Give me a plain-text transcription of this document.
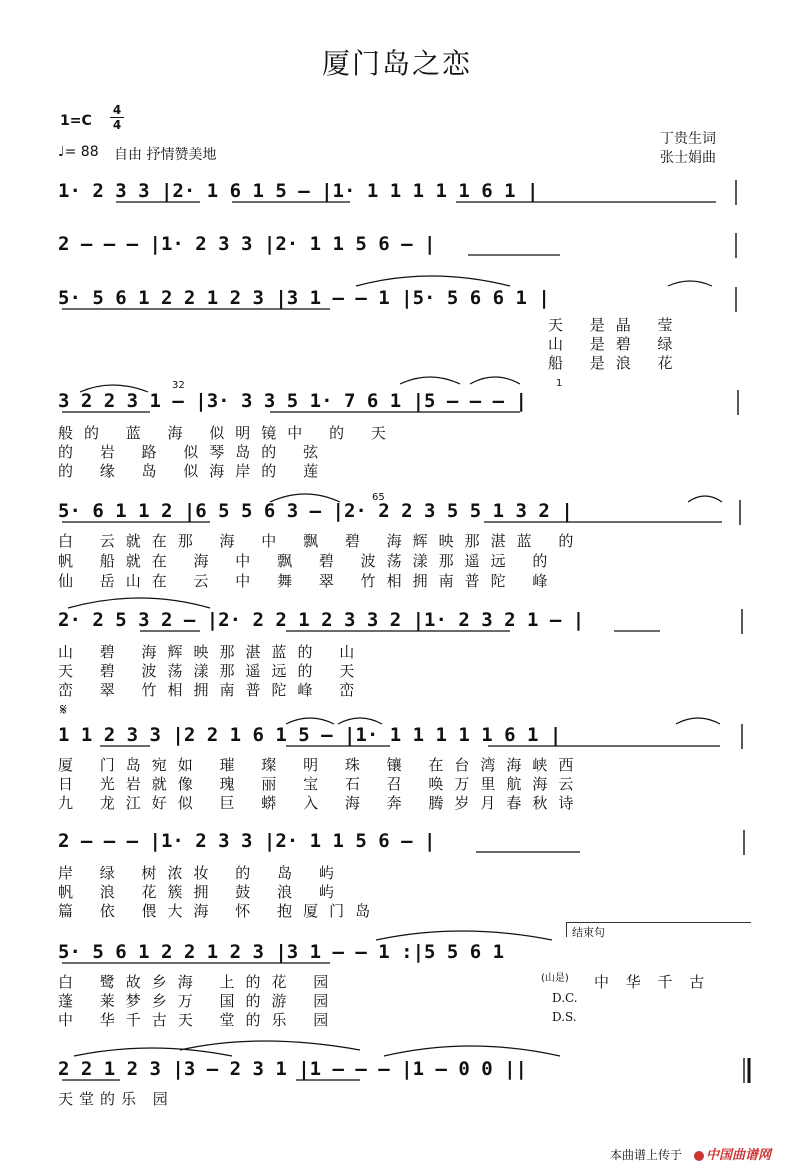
厦门岛之恋
1=C
4
4
♩= 88 自由 抒情赞美地
丁贵生词
张士娟曲
1· 2 3 3 |2· 1 6 1 5 – |1· 1 1 1 1 1 6 1 |
2 – – – |1· 2 3 3 |2· 1 1 5 6 – |
5· 5 6 1 2 2 1 2 3 |3 1 – – 1 |5· 5 6 6 1 |
天 是晶 莹
山 是碧 绿
船 是浪 花
32	1
3 2 2 3 1 – |3· 3 3 5 1· 7 6 1 |5 – – – |
般的 蓝 海 似明镜中 的 天
的 岩 路 似琴岛的 弦
的 缘 岛 似海岸的 莲
65
5· 6 1 1 2 |6 5 5 6 3 – |2· 2 2 3 5 5 1 3 2 |
白 云就在那 海 中 飘 碧 海辉映那湛蓝 的
帆 船就在 海 中 飘 碧 波荡漾那遥远 的
仙 岳山在 云 中 舞 翠 竹相拥南普陀 峰
2· 2 5 3 2 – |2· 2 2 1 2 3 3 2 |1· 2 3 2 1 – |
山 碧 海辉映那湛蓝的 山
天 碧 波荡漾那遥远的 天
峦 翠 竹相拥南普陀峰 峦
𝄋
1 1 2 3 3 |2 2 1 6 1 5 – |1· 1 1 1 1 1 6 1 |
厦 门岛宛如 璀 璨 明 珠 镶 在台湾海峡西
日 光岩就像 瑰 丽 宝 石 召 唤万里航海云
九 龙江好似 巨 蟒 入 海 奔 腾岁月春秋诗
2 – – – |1· 2 3 3 |2· 1 1 5 6 – |
岸 绿 树浓妆 的 岛 屿
帆 浪 花簇拥 鼓 浪 屿
篇 依 偎大海 怀 抱厦门岛
结束句
5· 5 6 1 2 2 1 2 3 |3 1 – – 1 :|5 5 6 1
白 鹭故乡海 上的花 园
蓬 莱梦乡万 国的游 园
中 华千古天 堂的乐 园
(山是) 中 华 千 古
D.C.
D.S.
2 2 1 2 3 |3 – 2 3 1 |1 – – – |1 – 0 0 ||
天堂的乐 园
本曲谱上传于	中国曲谱网
